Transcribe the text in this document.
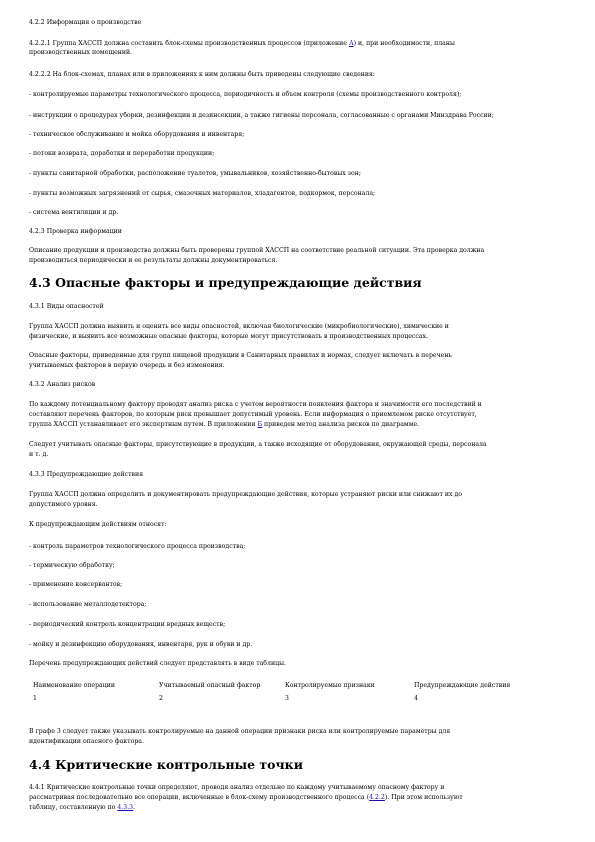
4.2.2 Информация о производстве
4.2.2.1 Группа ХАССП должна составить блок-схемы производственных процессов (приложение А) и, при необходимости, планы
производственных помещений.
4.2.2.2 На блок-схемах, планах или в приложениях к ним должны быть приведены следующие сведения:
- контролируемые параметры технологического процесса, периодичность и объем контроля (схемы производственного контроля);
- инструкции о процедурах уборки, дезинфекции и дезинсекции, а также гигиены персонала, согласованные с органами Минздрава России;
- техническое обслуживание и мойка оборудования и инвентаря;
- потоки возврата, доработки и переработки продукции;
- пункты санитарной обработки, расположение туалетов, умывальников, хозяйственно-бытовых зон;
- пункты возможных загрязнений от сырья, смазочных материалов, хладагентов, подкормок, персонала;
- система вентиляции и др.
4.2.3 Проверка информации
Описание продукции и производства должны быть проверены группой ХАССП на соответствие реальной ситуации. Эта проверка должна
производиться периодически и ее результаты должны документироваться.
4.3 Опасные факторы и предупреждающие действия
4.3.1 Виды опасностей
Группа ХАССП должна выявить и оценить все виды опасностей, включая биологические (микробиологические), химические и
физические, и выявить все возможные опасные факторы, которые могут присутствовать в производственных процессах.
Опасные факторы, приведенные для групп пищевой продукции в Санитарных правилах и нормах, следует включать в перечень
учитываемых факторов в первую очередь и без изменения.
4.3.2 Анализ рисков
По каждому потенциальному фактору проводят анализ риска с учетом вероятности появления фактора и значимости его последствий и
составляют перечень факторов, по которым риск превышает допустимый уровень. Если информация о приемлемом риске отсутствует,
группа ХАССП устанавливает его экспертным путем. В приложении Б приведен метод анализа рисков по диаграмме.
Следует учитывать опасные факторы, присутствующие в продукции, а также исходящие от оборудования, окружающей среды, персонала
и т. д.
4.3.3 Предупреждающие действия
Группа ХАССП должна определить и документировать предупреждающие действия, которые устраняют риски или снижают их до
допустимого уровня.
К предупреждающим действиям относят:
- контроль параметров технологического процесса производства;
- термическую обработку;
- применение консервантов;
- использование металлодетектора;
- периодический контроль концентрации вредных веществ;
- мойку и дезинфекцию оборудования, инвентаря, рук и обуви и др.
Перечень предупреждающих действий следует представлять в виде таблицы.
Наименование операции	Учитываемый опасный фактор	Контролируемые признаки	Предупреждающие действия
1	2	3	4
В графе 3 следует также указывать контролируемые на данной операции признаки риска или контролируемые параметры для
идентификации опасного фактора.
4.4 Критические контрольные точки
4.4.1 Критические контрольные точки определяют, проводя анализ отдельно по каждому учитываемому опасному фактору и
рассматривая последовательно все операции, включенные в блок-схему производственного процесса (4.2.2). При этом используют
таблицу, составленную по 4.3.3.
